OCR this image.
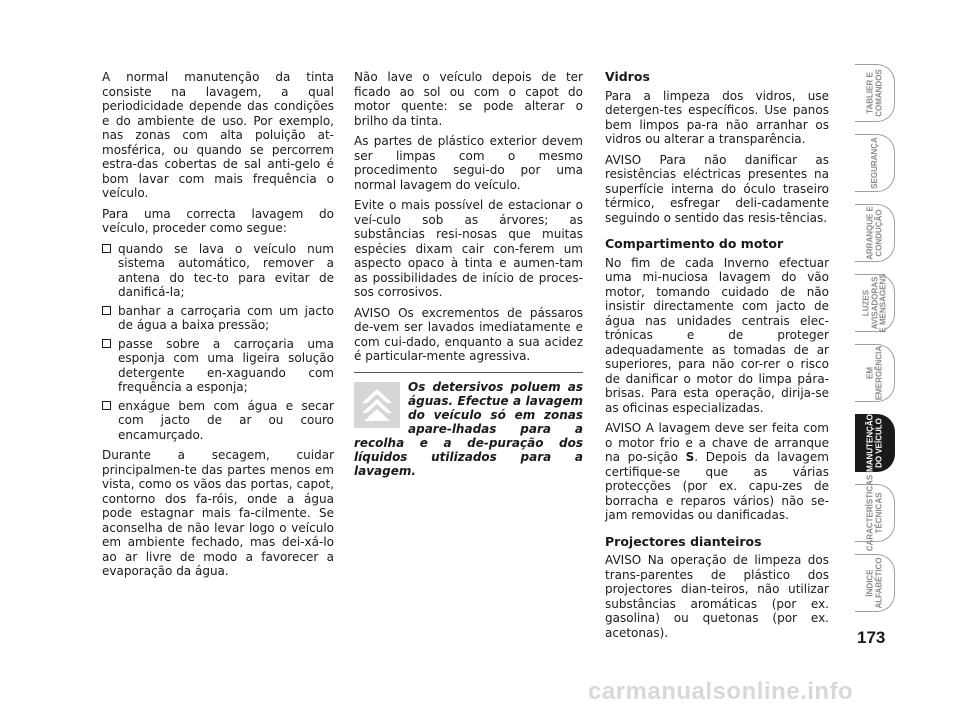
A normal manutenção da tinta consiste na lavagem, a qual periodicidade depende das condições e do ambiente de uso. Por exemplo, nas zonas com alta poluição at-mosférica, ou quando se percorrem estra-das cobertas de sal anti-gelo é bom lavar com mais frequência o veículo.

Para uma correcta lavagem do veículo, proceder como segue:

quando se lava o veículo num sistema automático, remover a antena do tec-to para evitar de danificá-la;
banhar a carroçaria com um jacto de água a baixa pressão;
passe sobre a carroçaria uma esponja com uma ligeira solução detergente en-xaguando com frequência a esponja;
enxágue bem com água e secar com jacto de ar ou couro encamurçado.

Durante a secagem, cuidar principalmen-te das partes menos em vista, como os vãos das portas, capot, contorno dos fa-róis, onde a água pode estagnar mais fa-cilmente. Se aconselha de não levar logo o veículo em ambiente fechado, mas dei-xá-lo ao ar livre de modo a favorecer a evaporação da água.

Não lave o veículo depois de ter ficado ao sol ou com o capot do motor quente: se pode alterar o brilho da tinta.

As partes de plástico exterior devem ser limpas com o mesmo procedimento segui-do por uma normal lavagem do veículo.

Evite o mais possível de estacionar o veí-culo sob as árvores; as substâncias resi-nosas que muitas espécies dixam cair con-ferem um aspecto opaco à tinta e aumen-tam as possibilidades de início de proces-sos corrosivos.

AVISO Os excrementos de pássaros de-vem ser lavados imediatamente e com cui-dado, enquanto a sua acidez é particular-mente agressiva.

Os detersivos poluem as águas. Efectue a lavagem do veículo só em zonas apare-lhadas para a recolha e a de-puração dos líquidos utilizados para a lavagem.

Vidros

Para a limpeza dos vidros, use detergen-tes específicos. Use panos bem limpos pa-ra não arranhar os vidros ou alterar a transparência.

AVISO Para não danificar as resistências eléctricas presentes na superfície interna do óculo traseiro térmico, esfregar deli-cadamente seguindo o sentido das resis-tências.

Compartimento do motor

No fim de cada Inverno efectuar uma mi-nuciosa lavagem do vão motor, tomando cuidado de não insistir directamente com jacto de água nas unidades centrais elec-trónicas e de proteger adequadamente as tomadas de ar superiores, para não cor-rer o risco de danificar o motor do limpa pára-brisas. Para esta operação, dirija-se as oficinas especializadas.

AVISO A lavagem deve ser feita com o motor frio e a chave de arranque na po-sição S. Depois da lavagem certifique-se que as várias protecções (por ex. capu-zes de borracha e reparos vários) não se-jam removidas ou danificadas.

Projectores dianteiros

AVISO Na operação de limpeza dos trans-parentes de plástico dos projectores dian-teiros, não utilizar substâncias aromáticas (por ex. gasolina) ou quetonas (por ex. acetonas).

TABLIER E
COMANDOS
SEGURANÇA
ARRANQUE E
CONDUÇÃO
LUZES
AVISADORAS
E MENSAGENS
EM
EMERGÊNCIA
MANUTENÇÃO
DO VEÍCULO
CARACTERÍSTICAS
TÉCNICAS
ÍNDICE
ALFABÉTICO
173
carmanualsonline.info
